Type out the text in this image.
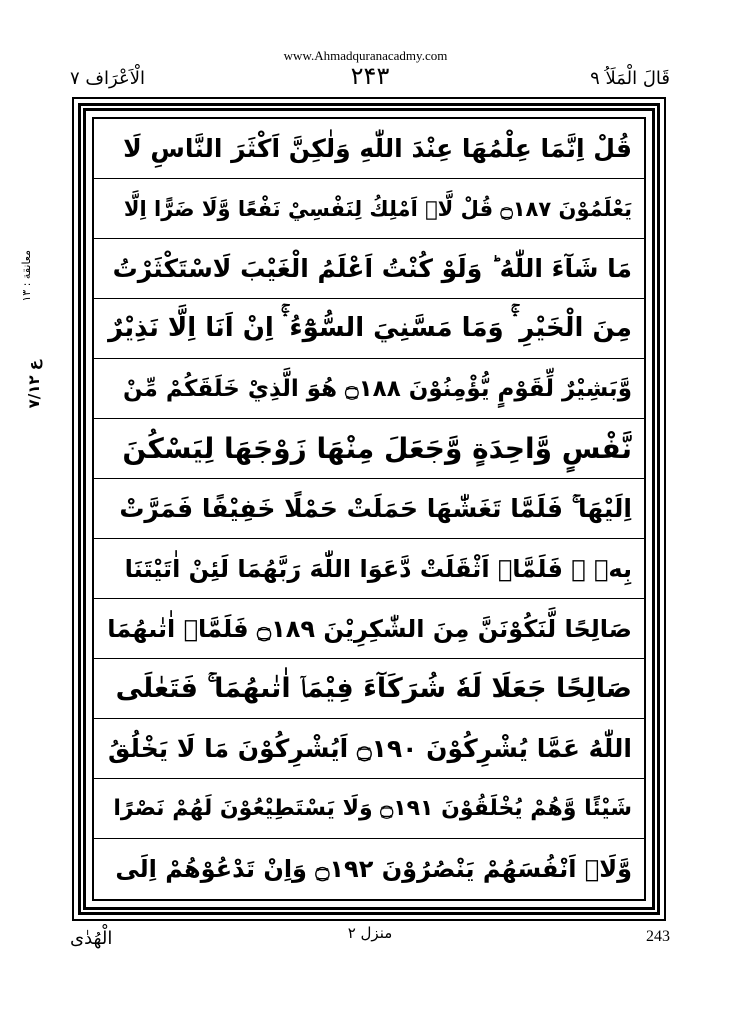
www.Ahmadquranacadmy.com
الْاَعْرَاف ۷	۲۴۳	قَالَ الْمَلَاُ ۹
معانقة : ۱۳
ع ۷/۱۲
قُلْ اِنَّمَا عِلْمُهَا عِنْدَ اللّٰهِ وَلٰكِنَّ اَكْثَرَ النَّاسِ لَا
يَعْلَمُوْنَ ۝۱۸۷ قُلْ لَّاۤ اَمْلِكُ لِنَفْسِيْ نَفْعًا وَّلَا ضَرًّا اِلَّا
مَا شَآءَ اللّٰهُ ؕ وَلَوْ كُنْتُ اَعْلَمُ الْغَيْبَ لَاسْتَكْثَرْتُ
مِنَ الْخَيْرِ ۛۚ وَمَا مَسَّنِيَ السُّوْٓءُ ۛۚ اِنْ اَنَا اِلَّا نَذِيْرٌ
وَّبَشِيْرٌ لِّقَوْمٍ يُّؤْمِنُوْنَ ۝۱۸۸ هُوَ الَّذِيْ خَلَقَكُمْ مِّنْ
نَّفْسٍ وَّاحِدَةٍ وَّجَعَلَ مِنْهَا زَوْجَهَا لِيَسْكُنَ
اِلَيْهَا ۚ فَلَمَّا تَغَشّٰهَا حَمَلَتْ حَمْلًا خَفِيْفًا فَمَرَّتْ
بِهٖ ۚ فَلَمَّاۤ اَثْقَلَتْ دَّعَوَا اللّٰهَ رَبَّهُمَا لَئِنْ اٰتَيْتَنَا
صَالِحًا لَّنَكُوْنَنَّ مِنَ الشّٰكِرِيْنَ ۝۱۸۹ فَلَمَّاۤ اٰتٰىهُمَا
صَالِحًا جَعَلَا لَهٗ شُرَكَآءَ فِيْمَاۤ اٰتٰىهُمَا ۚ فَتَعٰلَى
اللّٰهُ عَمَّا يُشْرِكُوْنَ ۝۱۹۰ اَيُشْرِكُوْنَ مَا لَا يَخْلُقُ
شَيْئًا وَّهُمْ يُخْلَقُوْنَ ۝۱۹۱ وَلَا يَسْتَطِيْعُوْنَ لَهُمْ نَصْرًا
وَّلَاۤ اَنْفُسَهُمْ يَنْصُرُوْنَ ۝۱۹۲ وَاِنْ تَدْعُوْهُمْ اِلَى
الْهُدٰى	منزل ۲	243
